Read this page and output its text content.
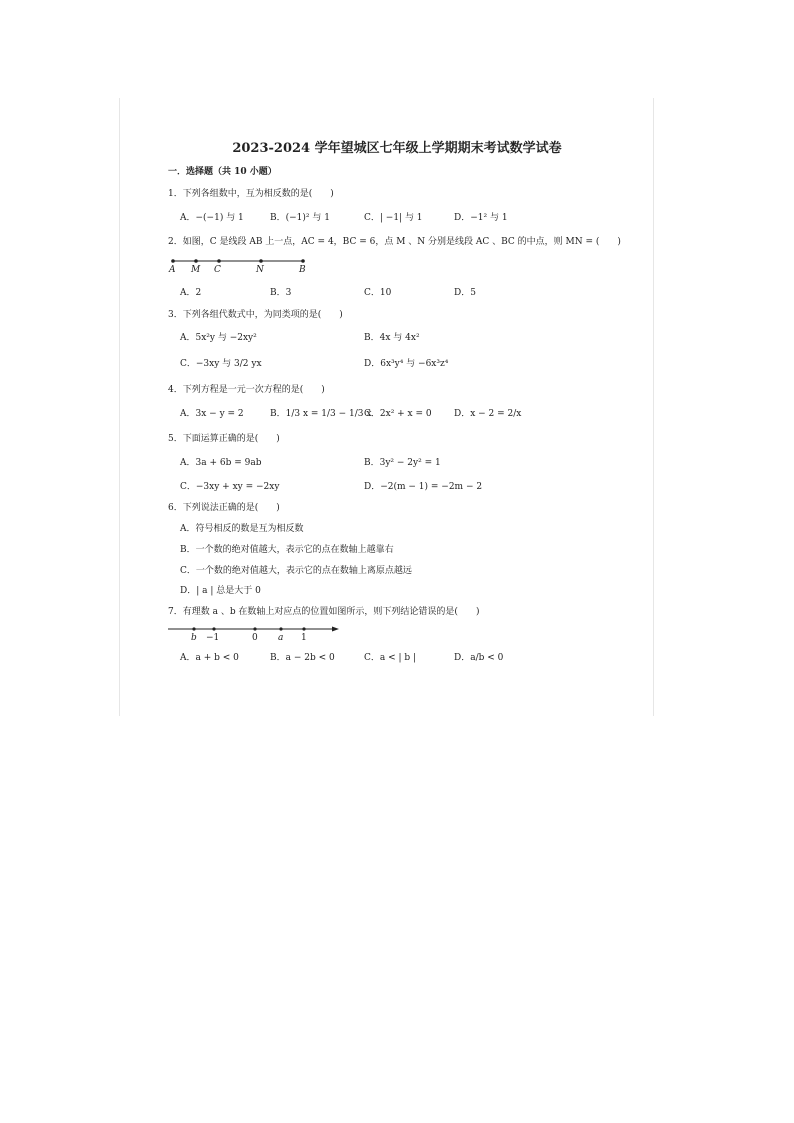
2023-2024 学年望城区七年级上学期期末考试数学试卷
一．选择题（共 10 小题）
1．下列各组数中，互为相反数的是(　　)
A．−(−1) 与 1	B．(−1)² 与 1	C．| −1| 与 1	D．−1² 与 1
2．如图，C 是线段 AB 上一点，AC = 4，BC = 6，点 M 、N 分别是线段 AC 、BC 的中点，则 MN = (　　)
A M C	N	B
A．2	B．3	C．10	D．5
3．下列各组代数式中，为同类项的是(　　)
A．5x²y 与 −2xy²	B．4x 与 4x²
C．−3xy 与 3/2 yx	D．6x³y⁴ 与 −6x³z⁴
4．下列方程是一元一次方程的是(　　)
A．3x − y = 2	B．1/3 x = 1/3 − 1/3 x
C．2x² + x = 0 D．x − 2 = 2/x
5．下面运算正确的是(　　)
A．3a + 6b = 9ab	B．3y² − 2y² = 1
C．−3xy + xy = −2xy	D．−2(m − 1) = −2m − 2
6．下列说法正确的是(　　)
A．符号相反的数是互为相反数
B．一个数的绝对值越大，表示它的点在数轴上越靠右
C．一个数的绝对值越大，表示它的点在数轴上离原点越远
D．| a | 总是大于 0
7．有理数 a 、b 在数轴上对应点的位置如图所示，则下列结论错误的是(　　)
b −1	0 a 1
A．a + b < 0	B．a − 2b < 0	C．a < | b |	D．a/b < 0
